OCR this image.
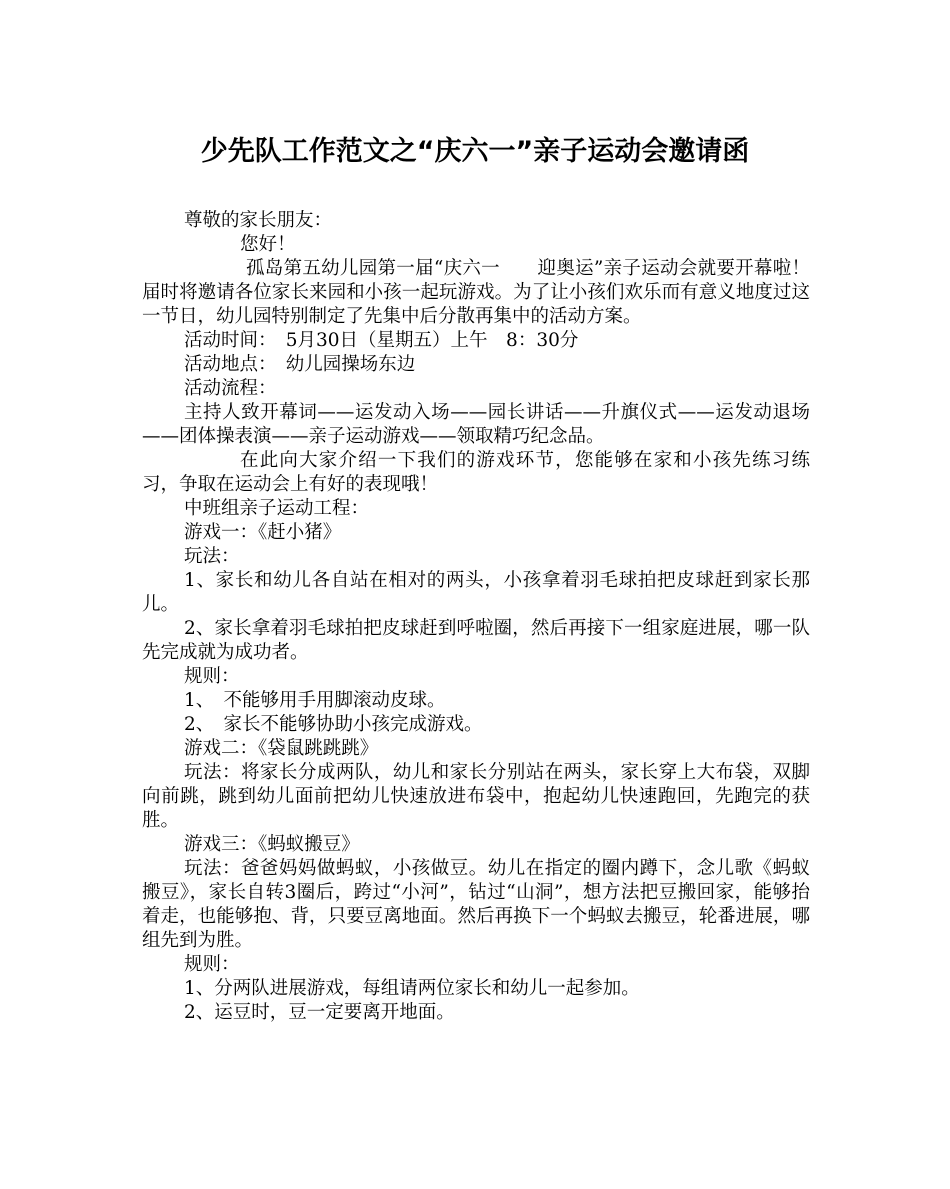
少先队工作范文之“庆六一”亲子运动会邀请函

尊敬的家长朋友：

您好！

孤岛第五幼儿园第一届“庆六一　　迎奥运”亲子运动会就要开幕啦！届时将邀请各位家长来园和小孩一起玩游戏。为了让小孩们欢乐而有意义地度过这一节日，幼儿园特别制定了先集中后分散再集中的活动方案。

活动时间：　5月30日（星期五）上午　8：30分

活动地点：　幼儿园操场东边

活动流程：

主持人致开幕词——运发动入场——园长讲话——升旗仪式——运发动退场——团体操表演——亲子运动游戏——领取精巧纪念品。

在此向大家介绍一下我们的游戏环节，您能够在家和小孩先练习练习，争取在运动会上有好的表现哦！

中班组亲子运动工程：

游戏一：《赶小猪》

玩法：

1、家长和幼儿各自站在相对的两头，小孩拿着羽毛球拍把皮球赶到家长那儿。

2、家长拿着羽毛球拍把皮球赶到呼啦圈，然后再接下一组家庭进展，哪一队先完成就为成功者。

规则：

1、　不能够用手用脚滚动皮球。

2、　家长不能够协助小孩完成游戏。

游戏二：《袋鼠跳跳跳》

玩法：将家长分成两队，幼儿和家长分别站在两头，家长穿上大布袋，双脚向前跳，跳到幼儿面前把幼儿快速放进布袋中，抱起幼儿快速跑回，先跑完的获胜。

游戏三：《蚂蚁搬豆》

玩法：爸爸妈妈做蚂蚁，小孩做豆。幼儿在指定的圈内蹲下，念儿歌《蚂蚁搬豆》，家长自转3圈后，跨过“小河”，钻过“山洞”，想方法把豆搬回家，能够抬着走，也能够抱、背，只要豆离地面。然后再换下一个蚂蚁去搬豆，轮番进展，哪组先到为胜。

规则：

1、分两队进展游戏，每组请两位家长和幼儿一起参加。

2、运豆时，豆一定要离开地面。
